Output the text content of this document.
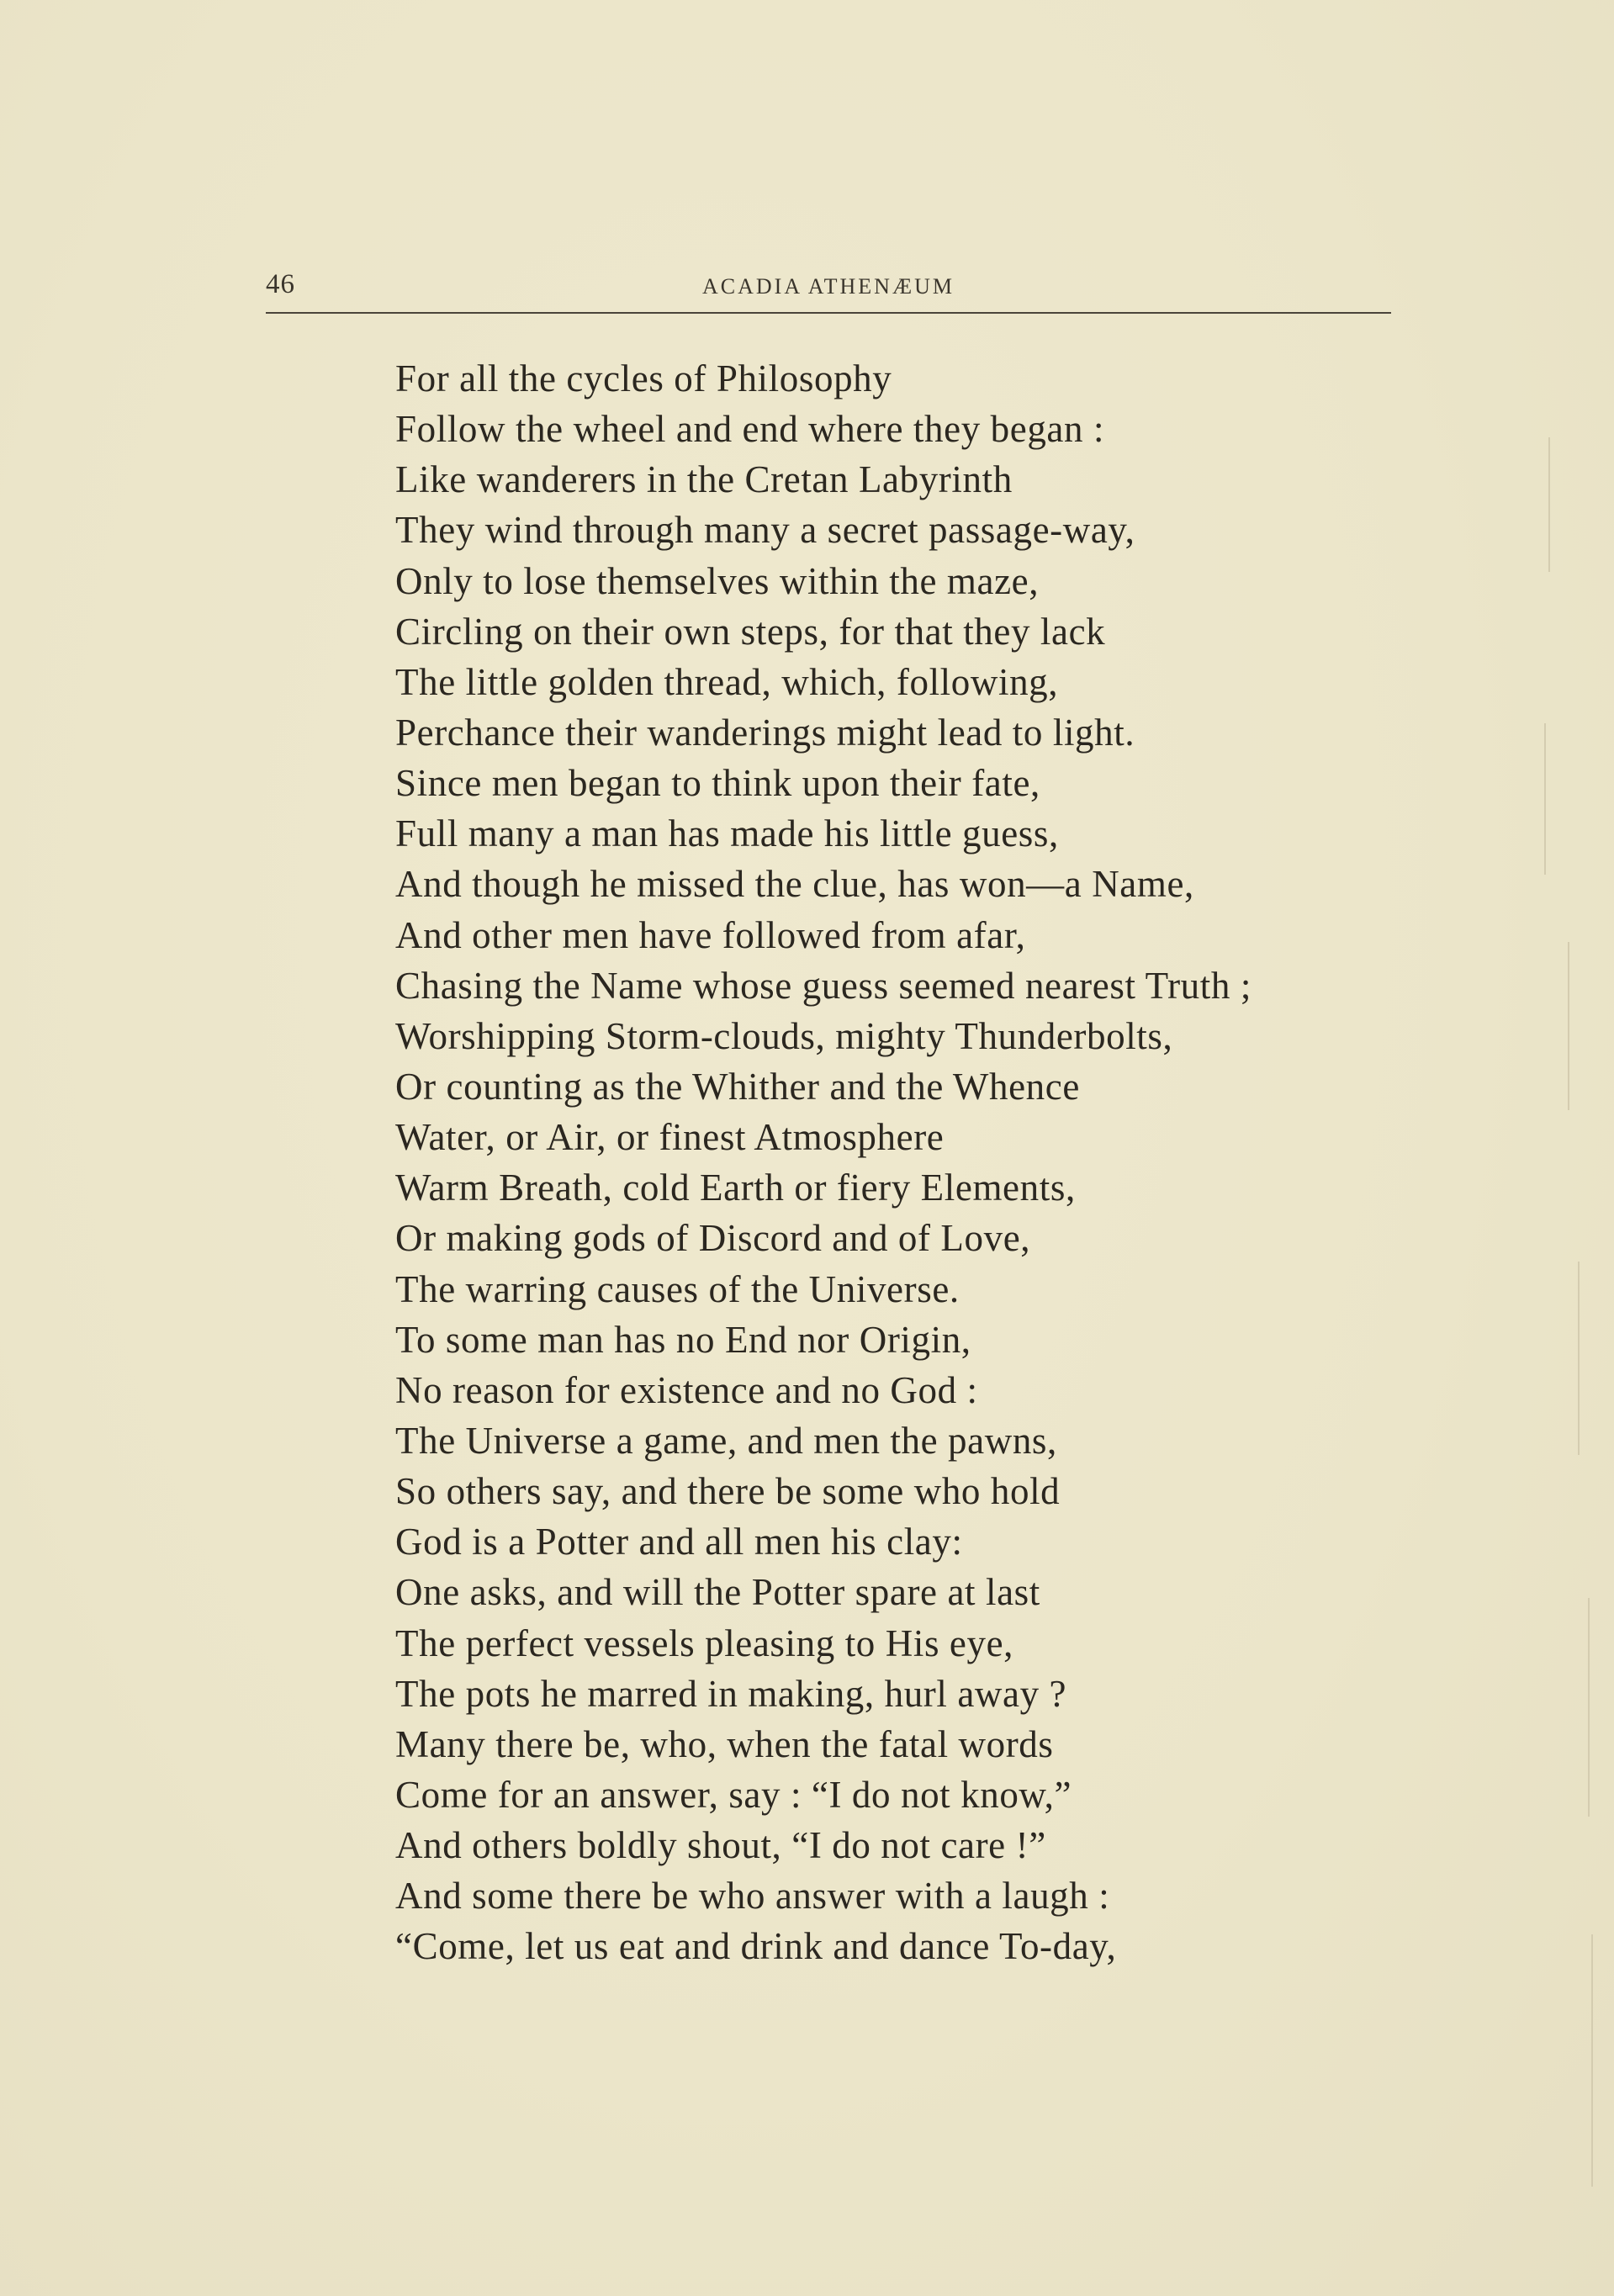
46	ACADIA ATHENÆUM
For all the cycles of Philosophy
Follow the wheel and end where they began :
Like wanderers in the Cretan Labyrinth
They wind through many a secret passage-way,
Only to lose themselves within the maze,
Circling on their own steps, for that they lack
The little golden thread, which, following,
Perchance their wanderings might lead to light.
Since men began to think upon their fate,
Full many a man has made his little guess,
And though he missed the clue, has won—a Name,
And other men have followed from afar,
Chasing the Name whose guess seemed nearest Truth ;
Worshipping Storm-clouds, mighty Thunderbolts,
Or counting as the Whither and the Whence
Water, or Air, or finest Atmosphere
Warm Breath, cold Earth or fiery Elements,
Or making gods of Discord and of Love,
The warring causes of the Universe.
To some man has no End nor Origin,
No reason for existence and no God :
The Universe a game, and men the pawns,
So others say, and there be some who hold
God is a Potter and all men his clay:
One asks, and will the Potter spare at last
The perfect vessels pleasing to His eye,
The pots he marred in making, hurl away ?
Many there be, who, when the fatal words
Come for an answer, say : “I do not know,”
And others boldly shout, “I do not care !”
And some there be who answer with a laugh :
“Come, let us eat and drink and dance To-day,
